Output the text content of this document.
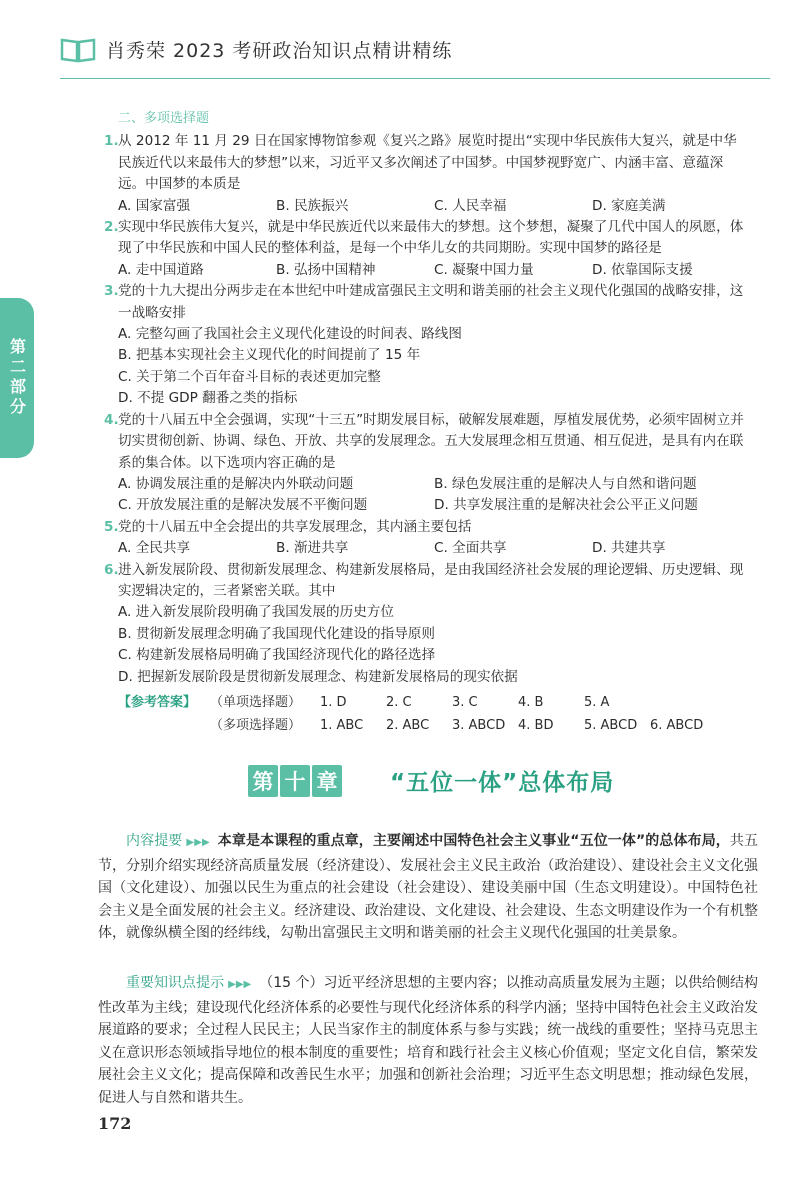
肖秀荣 2023 考研政治知识点精讲精练
第二部分
二、多项选择题
1.从 2012 年 11 月 29 日在国家博物馆参观《复兴之路》展览时提出“实现中华民族伟大复兴，就是中华民族近代以来最伟大的梦想”以来，习近平又多次阐述了中国梦。中国梦视野宽广、内涵丰富、意蕴深远。中国梦的本质是
A. 国家富强	B. 民族振兴	C. 人民幸福	D. 家庭美满
2.实现中华民族伟大复兴，就是中华民族近代以来最伟大的梦想。这个梦想，凝聚了几代中国人的夙愿，体现了中华民族和中国人民的整体利益，是每一个中华儿女的共同期盼。实现中国梦的路径是
A. 走中国道路	B. 弘扬中国精神	C. 凝聚中国力量	D. 依靠国际支援
3.党的十九大提出分两步走在本世纪中叶建成富强民主文明和谐美丽的社会主义现代化强国的战略安排，这一战略安排
A. 完整勾画了我国社会主义现代化建设的时间表、路线图
B. 把基本实现社会主义现代化的时间提前了 15 年
C. 关于第二个百年奋斗目标的表述更加完整
D. 不提 GDP 翻番之类的指标
4.党的十八届五中全会强调，实现“十三五”时期发展目标，破解发展难题，厚植发展优势，必须牢固树立并切实贯彻创新、协调、绿色、开放、共享的发展理念。五大发展理念相互贯通、相互促进，是具有内在联系的集合体。以下选项内容正确的是
A. 协调发展注重的是解决内外联动问题	B. 绿色发展注重的是解决人与自然和谐问题
C. 开放发展注重的是解决发展不平衡问题	D. 共享发展注重的是解决社会公平正义问题
5.党的十八届五中全会提出的共享发展理念，其内涵主要包括
A. 全民共享	B. 渐进共享	C. 全面共享	D. 共建共享
6.进入新发展阶段、贯彻新发展理念、构建新发展格局，是由我国经济社会发展的理论逻辑、历史逻辑、现实逻辑决定的，三者紧密关联。其中
A. 进入新发展阶段明确了我国发展的历史方位
B. 贯彻新发展理念明确了我国现代化建设的指导原则
C. 构建新发展格局明确了我国经济现代化的路径选择
D. 把握新发展阶段是贯彻新发展理念、构建新发展格局的现实依据
【参考答案】	（单项选择题）	1. D	2. C	3. C	4. B	5. A
（多项选择题）	1. ABC	2. ABC	3. ABCD 4. BD	5. ABCD 6. ABCD
第 十 章 “五位一体”总体布局
内容提要 ▶▶▶ 本章是本课程的重点章，主要阐述中国特色社会主义事业“五位一体”的总体布局，共五节，分别介绍实现经济高质量发展（经济建设）、发展社会主义民主政治（政治建设）、建设社会主义文化强国（文化建设）、加强以民生为重点的社会建设（社会建设）、建设美丽中国（生态文明建设）。中国特色社会主义是全面发展的社会主义。经济建设、政治建设、文化建设、社会建设、生态文明建设作为一个有机整体，就像纵横全图的经纬线，勾勒出富强民主文明和谐美丽的社会主义现代化强国的壮美景象。
重要知识点提示 ▶▶▶ （15 个）习近平经济思想的主要内容；以推动高质量发展为主题；以供给侧结构性改革为主线；建设现代化经济体系的必要性与现代化经济体系的科学内涵；坚持中国特色社会主义政治发展道路的要求；全过程人民民主；人民当家作主的制度体系与参与实践；统一战线的重要性；坚持马克思主义在意识形态领域指导地位的根本制度的重要性；培育和践行社会主义核心价值观；坚定文化自信，繁荣发展社会主义文化；提高保障和改善民生水平；加强和创新社会治理；习近平生态文明思想；推动绿色发展，促进人与自然和谐共生。
172
